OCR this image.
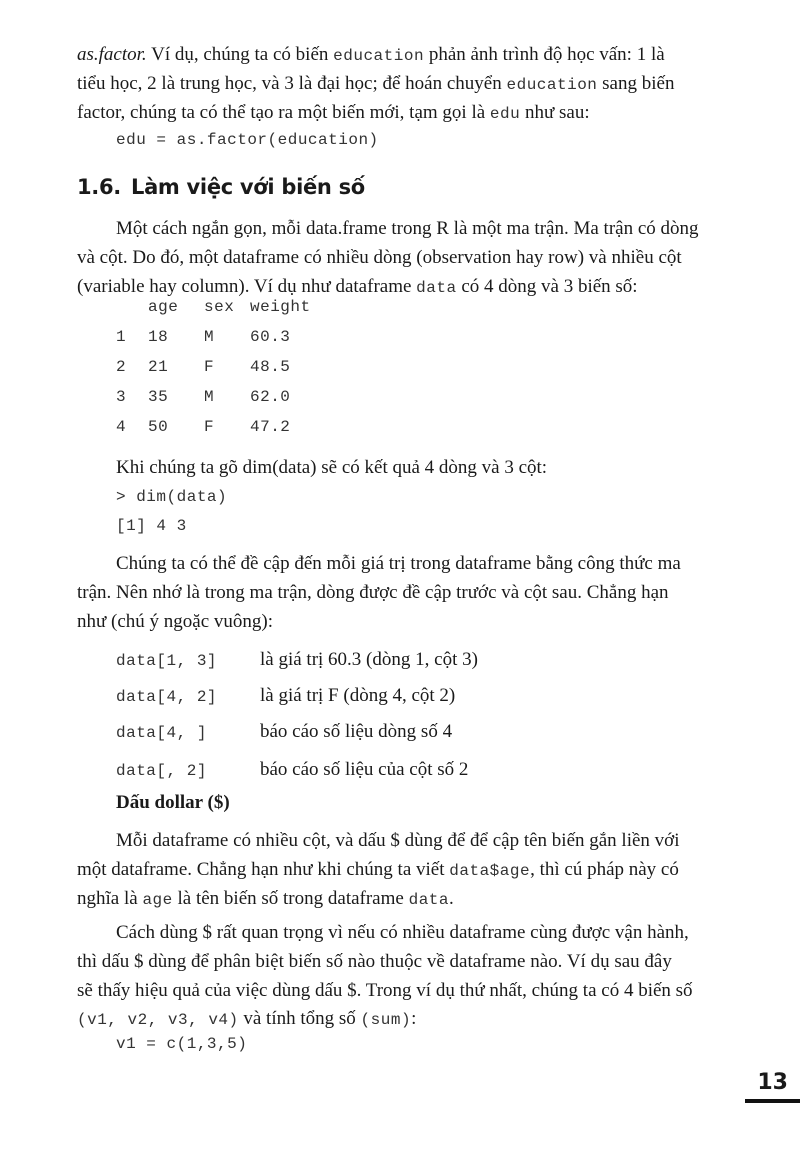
as.factor. Ví dụ, chúng ta có biến education phản ảnh trình độ học vấn: 1 là
tiểu học, 2 là trung học, và 3 là đại học; để hoán chuyển education sang biến
factor, chúng ta có thể tạo ra một biến mới, tạm gọi là edu như sau:
edu = as.factor(education)
1.6. Làm việc với biến số
Một cách ngắn gọn, mỗi data.frame trong R là một ma trận. Ma trận có dòng
và cột. Do đó, một dataframe có nhiều dòng (observation hay row) và nhiều cột
(variable hay column). Ví dụ như dataframe data có 4 dòng và 3 biến số:
	age	sex	weight
1	18	M	60.3
2	21	F	48.5
3	35	M	62.0
4	50	F	47.2
Khi chúng ta gõ dim(data) sẽ có kết quả 4 dòng và 3 cột:
> dim(data)
[1] 4 3
Chúng ta có thể đề cập đến mỗi giá trị trong dataframe bằng công thức ma
trận. Nên nhớ là trong ma trận, dòng được đề cập trước và cột sau. Chẳng hạn
như (chú ý ngoặc vuông):
data[1, 3] là giá trị 60.3 (dòng 1, cột 3)
data[4, 2] là giá trị F (dòng 4, cột 2)
data[4, ]	báo cáo số liệu dòng số 4
data[, 2]	báo cáo số liệu của cột số 2
Dấu dollar ($)
Mỗi dataframe có nhiều cột, và dấu $ dùng để để cập tên biến gắn liền với
một dataframe. Chẳng hạn như khi chúng ta viết data$age, thì cú pháp này có
nghĩa là age là tên biến số trong dataframe data.
Cách dùng $ rất quan trọng vì nếu có nhiều dataframe cùng được vận hành,
thì dấu $ dùng để phân biệt biến số nào thuộc về dataframe nào. Ví dụ sau đây
sẽ thấy hiệu quả của việc dùng dấu $. Trong ví dụ thứ nhất, chúng ta có 4 biến số
(v1, v2, v3, v4) và tính tổng số (sum):
v1 = c(1,3,5)
13
